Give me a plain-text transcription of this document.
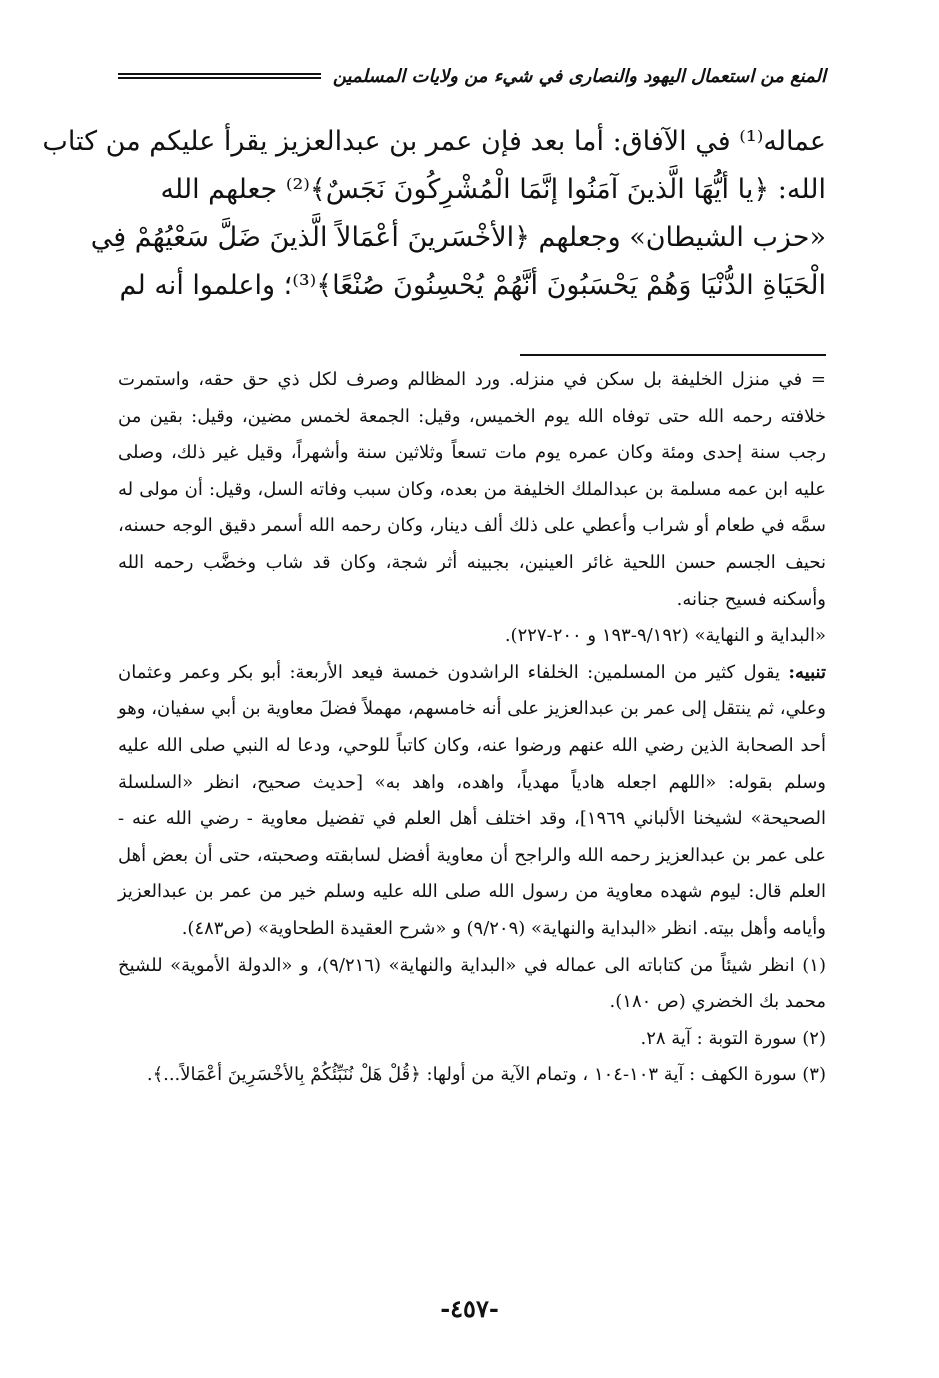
المنع من استعمال اليهود والنصارى في شيء من ولايات المسلمين
عماله⁽¹⁾ في الآفاق: أما بعد فإن عمر بن عبدالعزيز يقرأ عليكم من كتاب
الله: ﴿يا أيُّهَا الَّذينَ آمَنُوا إنَّمَا الْمُشْرِكُونَ نَجَسٌ﴾⁽²⁾ جعلهم الله
«حزب الشيطان» وجعلهم ﴿الأخْسَرينَ أعْمَالاً الَّذينَ ضَلَّ سَعْيُهُمْ فِي
الْحَيَاةِ الدُّنْيَا وَهُمْ يَحْسَبُونَ أنَّهُمْ يُحْسِنُونَ صُنْعًا﴾⁽³⁾؛ واعلموا أنه لم

= في منزل الخليفة بل سكن في منزله. ورد المظالم وصرف لكل ذي حق حقه، واستمرت خلافته رحمه الله حتى توفاه الله يوم الخميس، وقيل: الجمعة لخمس مضين، وقيل: بقين من رجب سنة إحدى ومئة وكان عمره يوم مات تسعاً وثلاثين سنة وأشهراً، وقيل غير ذلك، وصلى عليه ابن عمه مسلمة بن عبدالملك الخليفة من بعده، وكان سبب وفاته السل، وقيل: أن مولى له سمَّه في طعام أو شراب وأعطي على ذلك ألف دينار، وكان رحمه الله أسمر دقيق الوجه حسنه، نحيف الجسم حسن اللحية غائر العينين، بجبينه أثر شجة، وكان قد شاب وخضَّب رحمه الله وأسكنه فسيح جنانه.

«البداية و النهاية» (٩/١٩٢-١٩٣ و ٢٠٠-٢٢٧).

تنبيه: يقول كثير من المسلمين: الخلفاء الراشدون خمسة فيعد الأربعة: أبو بكر وعمر وعثمان وعلي، ثم ينتقل إلى عمر بن عبدالعزيز على أنه خامسهم، مهملاً فضلَ معاوية بن أبي سفيان، وهو أحد الصحابة الذين رضي الله عنهم ورضوا عنه، وكان كاتباً للوحي، ودعا له النبي صلى الله عليه وسلم بقوله: «اللهم اجعله هادياً مهدياً، واهده، واهد به» [حديث صحيح، انظر «السلسلة الصحيحة» لشيخنا الألباني ١٩٦٩]، وقد اختلف أهل العلم في تفضيل معاوية - رضي الله عنه - على عمر بن عبدالعزيز رحمه الله والراجح أن معاوية أفضل لسابقته وصحبته، حتى أن بعض أهل العلم قال: ليوم شهده معاوية من رسول الله صلى الله عليه وسلم خير من عمر بن عبدالعزيز وأيامه وأهل بيته. انظر «البداية والنهاية» (٩/٢٠٩) و «شرح العقيدة الطحاوية» (ص٤٨٣).

(١) انظر شيئاً من كتاباته الى عماله في «البداية والنهاية» (٩/٢١٦)، و «الدولة الأموية» للشيخ محمد بك الخضري (ص ١٨٠).

(٢) سورة التوبة : آية ٢٨.

(٣) سورة الكهف : آية ١٠٣-١٠٤ ، وتمام الآية من أولها: ﴿قُلْ هَلْ نُنَبِّئُكُمْ بِالأخْسَرِينَ أعْمَالاً...﴾.

-٤٥٧-
